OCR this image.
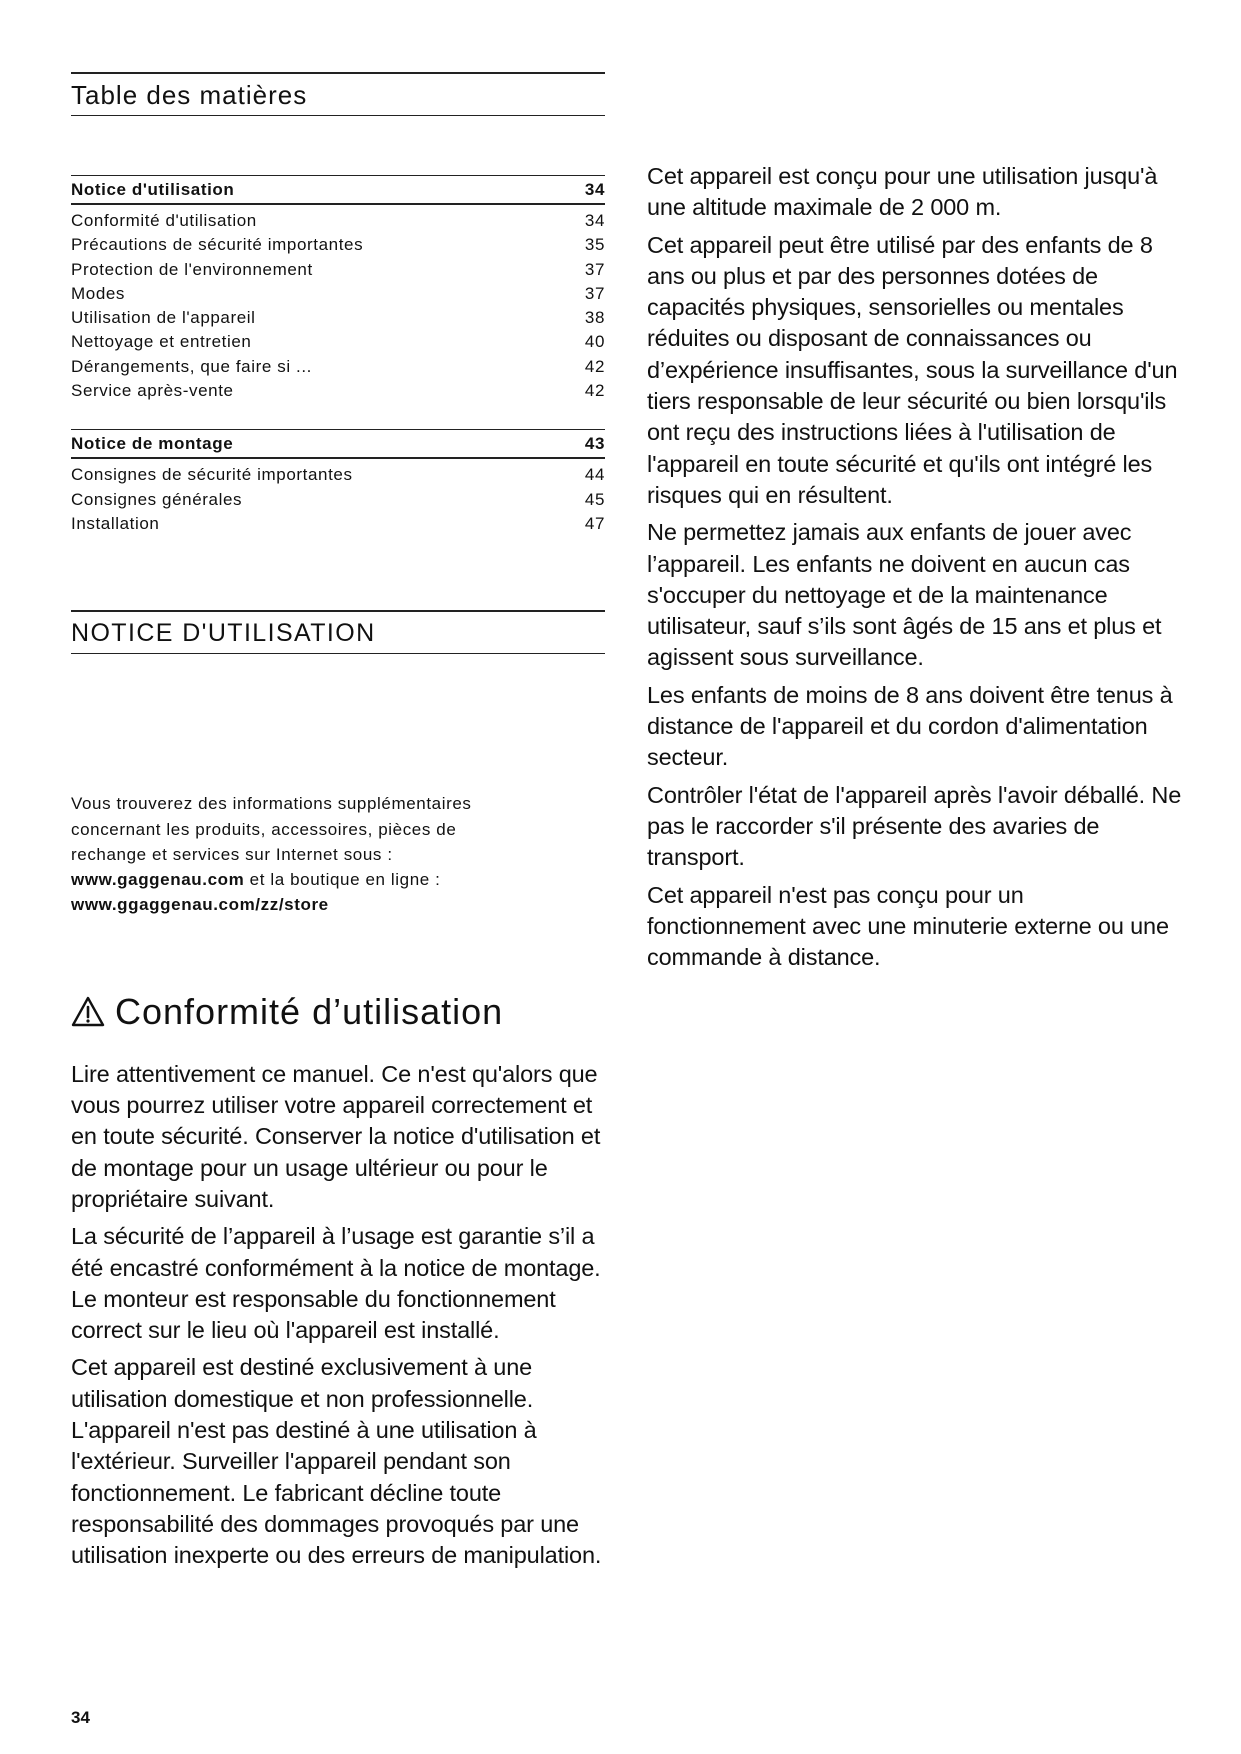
Table des matières
Notice d'utilisation	34
Conformité d'utilisation	34
Précautions de sécurité importantes	35
Protection de l'environnement	37
Modes	37
Utilisation de l'appareil	38
Nettoyage et entretien	40
Dérangements, que faire si ...	42
Service après-vente	42
Notice de montage	43
Consignes de sécurité importantes	44
Consignes générales	45
Installation	47
NOTICE D'UTILISATION
Vous trouverez des informations supplémentaires
concernant les produits, accessoires, pièces de
rechange et services sur Internet sous :
www.gaggenau.com et la boutique en ligne :
www.ggaggenau.com/zz/store
Conformité d’utilisation

Lire attentivement ce manuel. Ce n'est qu'alors que vous pourrez utiliser votre appareil correctement et en toute sécurité. Conserver la notice d'utilisation et de montage pour un usage ultérieur ou pour le propriétaire suivant.

La sécurité de l’appareil à l’usage est garantie s’il a été encastré conformément à la notice de montage. Le monteur est responsable du fonctionnement correct sur le lieu où l'appareil est installé.

Cet appareil est destiné exclusivement à une utilisation domestique et non professionnelle. L'appareil n'est pas destiné à une utilisation à l'extérieur. Surveiller l'appareil pendant son fonctionnement. Le fabricant décline toute responsabilité des dommages provoqués par une utilisation inexperte ou des erreurs de manipulation.

Cet appareil est conçu pour une utilisation jusqu'à une altitude maximale de 2 000 m.

Cet appareil peut être utilisé par des enfants de 8 ans ou plus et par des personnes dotées de capacités physiques, sensorielles ou mentales réduites ou disposant de connaissances ou d’expérience insuffisantes, sous la surveillance d'un tiers responsable de leur sécurité ou bien lorsqu'ils ont reçu des instructions liées à l'utilisation de l'appareil en toute sécurité et qu'ils ont intégré les risques qui en résultent.

Ne permettez jamais aux enfants de jouer avec l’appareil. Les enfants ne doivent en aucun cas s'occuper du nettoyage et de la maintenance utilisateur, sauf s’ils sont âgés de 15 ans et plus et agissent sous surveillance.

Les enfants de moins de 8 ans doivent être tenus à distance de l'appareil et du cordon d'alimentation secteur.

Contrôler l'état de l'appareil après l'avoir déballé. Ne pas le raccorder s'il présente des avaries de transport.

Cet appareil n'est pas conçu pour un fonctionnement avec une minuterie externe ou une commande à distance.

34
